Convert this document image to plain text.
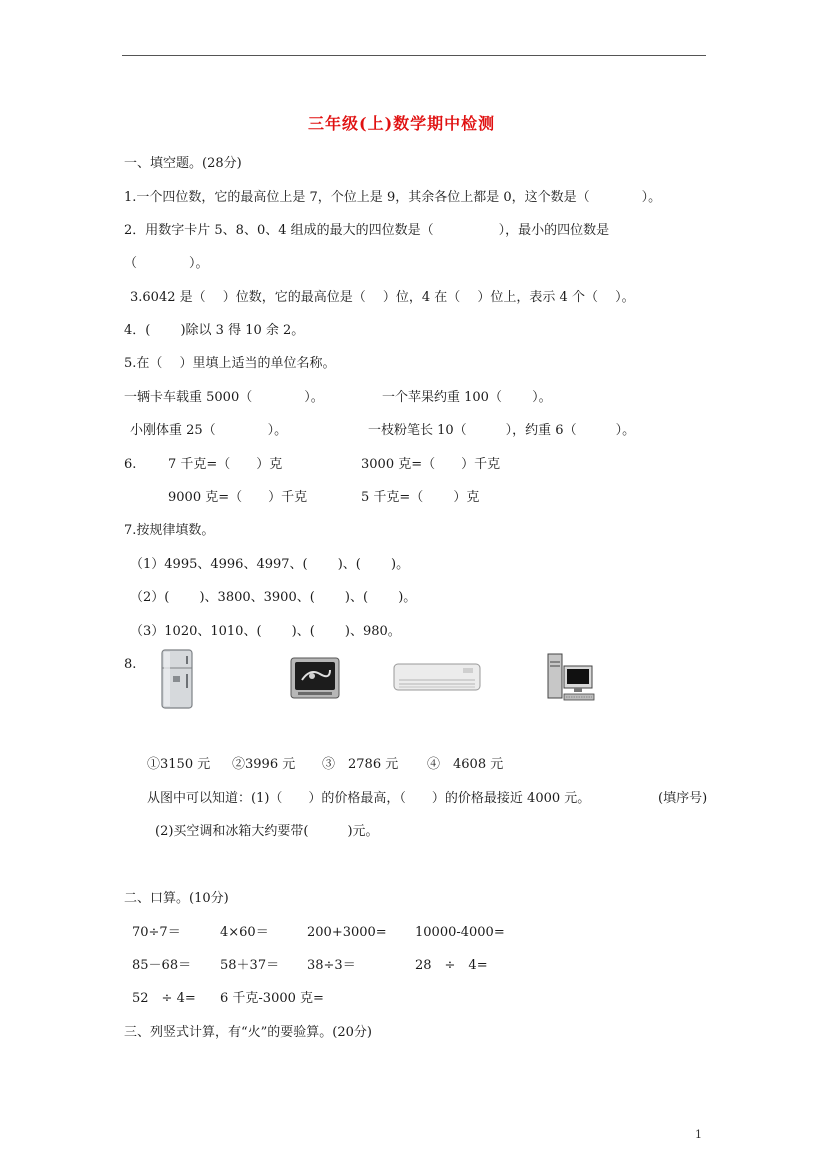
三年级(上)数学期中检测
一、填空题。(28分)
1.一个四位数，它的最高位上是 7，个位上是 9，其余各位上都是 0，这个数是（　　　　）。
2．用数字卡片 5、8、0、4 组成的最大的四位数是（　　　　　），最小的四位数是
（　　　　）。
3.6042 是（　 ）位数，它的最高位是（　 ）位，4 在（　 ）位上，表示 4 个（　 ）。
4．(　　 )除以 3 得 10 余 2。
5.在（　 ）里填上适当的单位名称。
一辆卡车载重 5000（　　　　）。	一个苹果约重 100（　　 ）。
小刚体重 25（　　　　）。	一枝粉笔长 10（　　　），约重 6（　　　）。
6. 7 千克=（　　）克	3000 克=（　　）千克
9000 克=（　　）千克	5 千克=（　　 ）克
7.按规律填数。
（1）4995、4996、4997、(　　 )、(　　 )。
（2）(　　 )、3800、3900、(　　 )、(　　 )。
（3）1020、1010、(　　 )、(　　 )、980。
8.
①3150 元 ②3996 元 ③　2786 元 ④　4608 元
从图中可以知道：(1)（　　）的价格最高，（　　）的价格最接近 4000 元。	(填序号)
(2)买空调和冰箱大约要带(　　　)元。
二、口算。(10分)
70÷7＝	4×60＝	200+3000= 10000-4000=
85－68＝ 58＋37＝ 38÷3＝	28　÷　4=
52　÷ 4= 6 千克-3000 克=
三、列竖式计算，有“火”的要验算。(20分)
1
